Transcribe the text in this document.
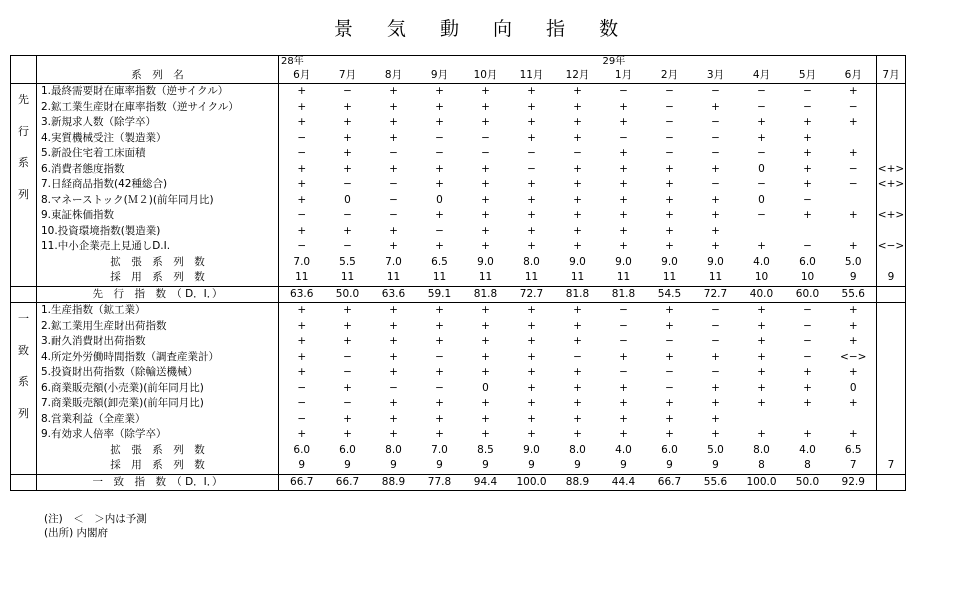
景 気 動 向 指 数
		28年							29年						
	系　列　名	6月	7月	8月	9月	10月	11月	12月	1月	2月	3月	4月	5月	6月	7月

先
行
系
列	1.最終需要財在庫率指数（逆サイクル）	+	−	+	+	+	+	+	−	−	−	−	−	+	
	2.鉱工業生産財在庫率指数（逆サイクル）	+	+	+	+	+	+	+	+	−	+	−	−	−	
	3.新規求人数（除学卒）	+	+	+	+	+	+	+	+	−	−	+	+	+	
	4.実質機械受注（製造業）	−	+	+	−	−	+	+	−	−	−	+	+		
	5.新設住宅着工床面積	−	+	−	−	−	−	−	+	−	−	−	+	+	
	6.消費者態度指数	+	+	+	+	+	−	+	+	+	+	0	+	−	<+>
	7.日経商品指数(42種総合)	+	−	−	+	+	+	+	+	+	−	−	+	−	<+>
	8.マネーストック(Ｍ２)(前年同月比)	+	0	−	0	+	+	+	+	+	+	0	−		
	9.東証株価指数	−	−	−	+	+	+	+	+	+	+	−	+	+	<+>
	10.投資環境指数(製造業)	+	+	+	−	+	+	+	+	+	+				
	11.中小企業売上見通しD.I.	−	−	+	+	+	+	+	+	+	+	+	−	+	<−>
	拡　張　系　列　数	7.0	5.5	7.0	6.5	9.0	8.0	9.0	9.0	9.0	9.0	4.0	6.0	5.0	
	採　用　系　列　数	11	11	11	11	11	11	11	11	11	11	10	10	9	9
	先　行　指　数　（ D．I．）	63.6	50.0	63.6	59.1	81.8	72.7	81.8	81.8	54.5	72.7	40.0	60.0	55.6	

一
致
系
列	1.生産指数（鉱工業）	+	+	+	+	+	+	+	−	+	−	+	−	+	
	2.鉱工業用生産財出荷指数	+	+	+	+	+	+	+	−	+	−	+	−	+	
	3.耐久消費財出荷指数	+	+	+	+	+	+	+	−	−	−	+	−	+	
	4.所定外労働時間指数（調査産業計）	+	−	+	−	+	+	−	+	+	+	+	−	<−>	
	5.投資財出荷指数（除輸送機械）	+	−	+	+	+	+	+	−	−	−	+	+	+	
	6.商業販売額(小売業)(前年同月比)	−	+	−	−	0	+	+	+	−	+	+	+	0	
	7.商業販売額(卸売業)(前年同月比)	−	−	+	+	+	+	+	+	+	+	+	+	+	
	8.営業利益（全産業）	−	+	+	+	+	+	+	+	+	+				
	9.有効求人倍率（除学卒）	+	+	+	+	+	+	+	+	+	+	+	+	+	
	拡　張　系　列　数	6.0	6.0	8.0	7.0	8.5	9.0	8.0	4.0	6.0	5.0	8.0	4.0	6.5	
	採　用　系　列　数	9	9	9	9	9	9	9	9	9	9	8	8	7	7
	一　致　指　数　（ D．I．）	66.7	66.7	88.9	77.8	94.4	100.0	88.9	44.4	66.7	55.6	100.0	50.0	92.9	
(注)　＜　＞内は予測
(出所) 内閣府
